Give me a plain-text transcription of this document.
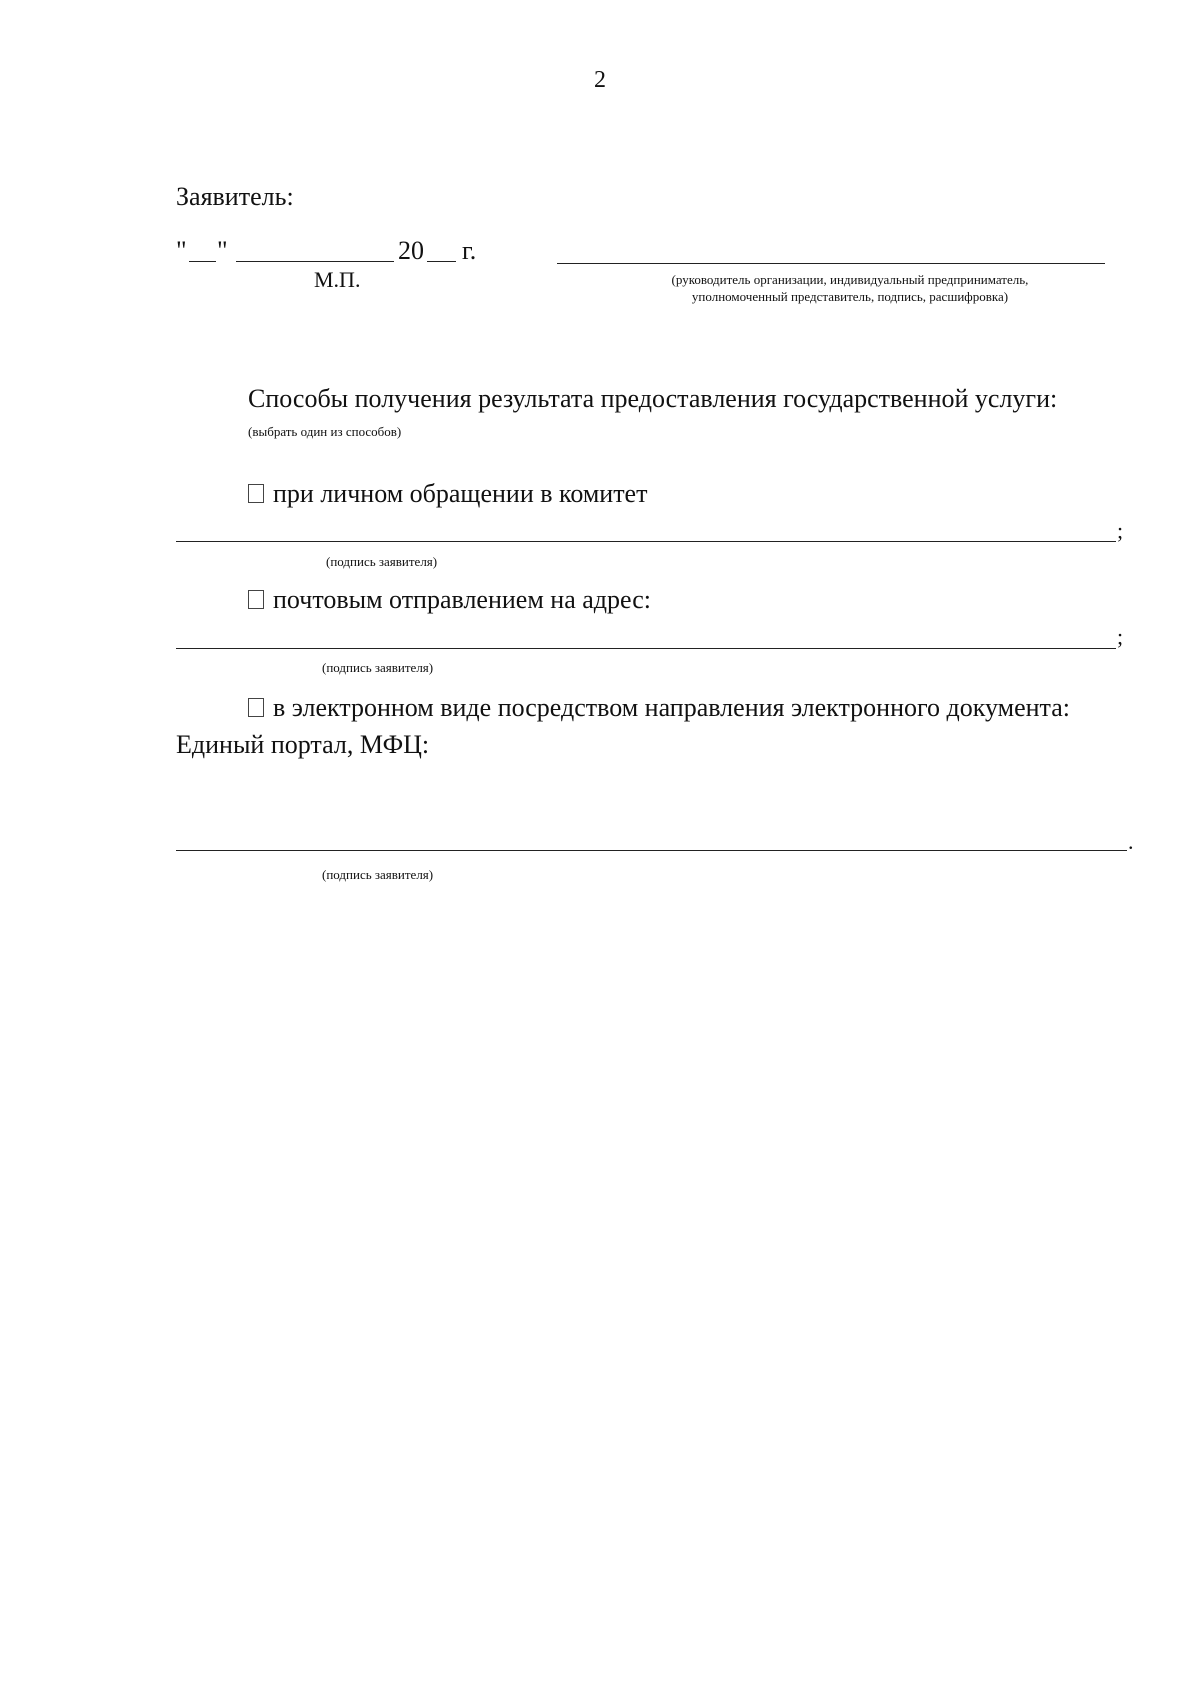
2
Заявитель:
" "	20 г.
М.П.	(руководитель организации, индивидуальный предприниматель, уполномоченный представитель, подпись, расшифровка)
Способы получения результата предоставления государственной услуги:
(выбрать один из способов)
при личном обращении в комитет
;
(подпись заявителя)
почтовым отправлением на адрес:
;
(подпись заявителя)
в электронном виде посредством направления электронного документа:
Единый портал, МФЦ:
.
(подпись заявителя)
